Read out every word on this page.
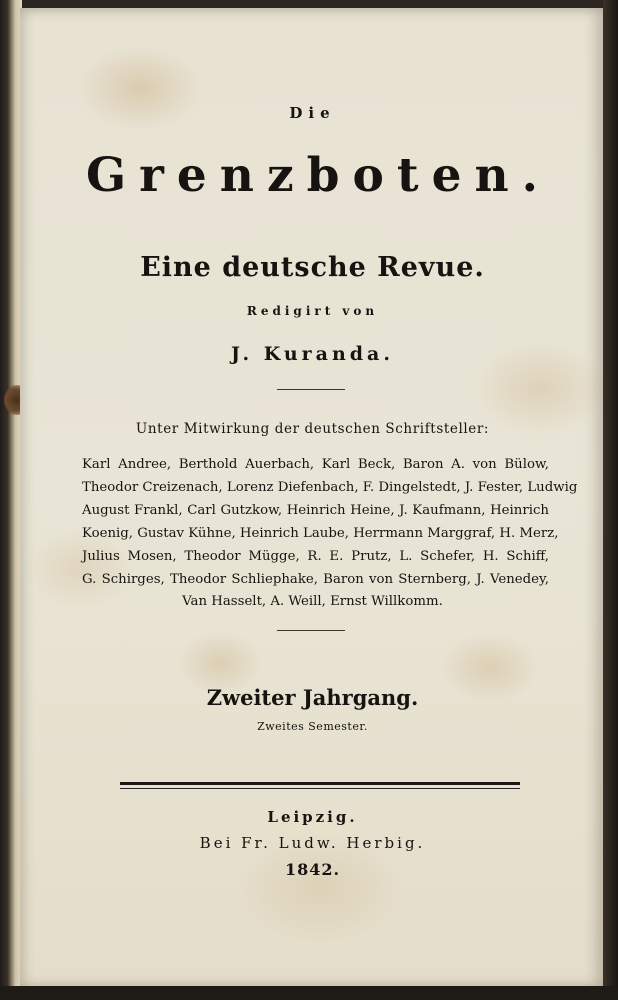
Die
Grenzboten.
Eine deutsche Revue.
Redigirt von
J. Kuranda.
Unter Mitwirkung der deutschen Schriftsteller:
Karl Andree, Berthold Auerbach, Karl Beck, Baron A. von Bülow,
Theodor Creizenach, Lorenz Diefenbach, F. Dingelstedt, J. Fester, Ludwig
August Frankl, Carl Gutzkow, Heinrich Heine, J. Kaufmann, Heinrich
Koenig, Gustav Kühne, Heinrich Laube, Herrmann Marggraf, H. Merz,
Julius Mosen, Theodor Mügge, R. E. Prutz, L. Schefer, H. Schiff,
G. Schirges, Theodor Schliephake, Baron von Sternberg, J. Venedey,
Van Hasselt, A. Weill, Ernst Willkomm.
Zweiter Jahrgang.
Zweites Semester.
Leipzig.
Bei Fr. Ludw. Herbig.
1842.
